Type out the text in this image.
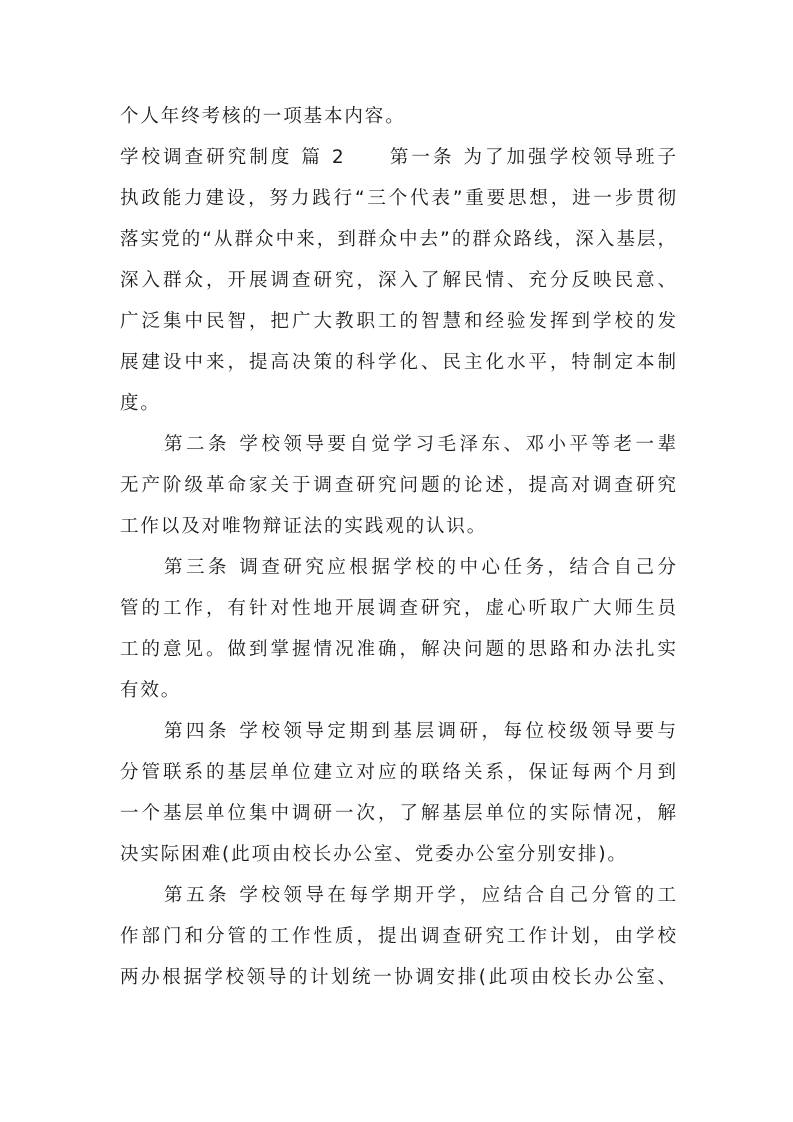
个人年终考核的一项基本内容。
学校调查研究制度 篇 2　　第一条 为了加强学校领导班子
执政能力建设，努力践行“三个代表”重要思想，进一步贯彻
落实党的“从群众中来，到群众中去”的群众路线，深入基层，
深入群众，开展调查研究，深入了解民情、充分反映民意、
广泛集中民智，把广大教职工的智慧和经验发挥到学校的发
展建设中来，提高决策的科学化、民主化水平，特制定本制
度。
第二条 学校领导要自觉学习毛泽东、邓小平等老一辈
无产阶级革命家关于调查研究问题的论述，提高对调查研究
工作以及对唯物辩证法的实践观的认识。
第三条 调查研究应根据学校的中心任务，结合自己分
管的工作，有针对性地开展调查研究，虚心听取广大师生员
工的意见。做到掌握情况准确，解决问题的思路和办法扎实
有效。
第四条 学校领导定期到基层调研，每位校级领导要与
分管联系的基层单位建立对应的联络关系，保证每两个月到
一个基层单位集中调研一次，了解基层单位的实际情况，解
决实际困难(此项由校长办公室、党委办公室分别安排)。
第五条 学校领导在每学期开学，应结合自己分管的工
作部门和分管的工作性质，提出调查研究工作计划，由学校
两办根据学校领导的计划统一协调安排(此项由校长办公室、
